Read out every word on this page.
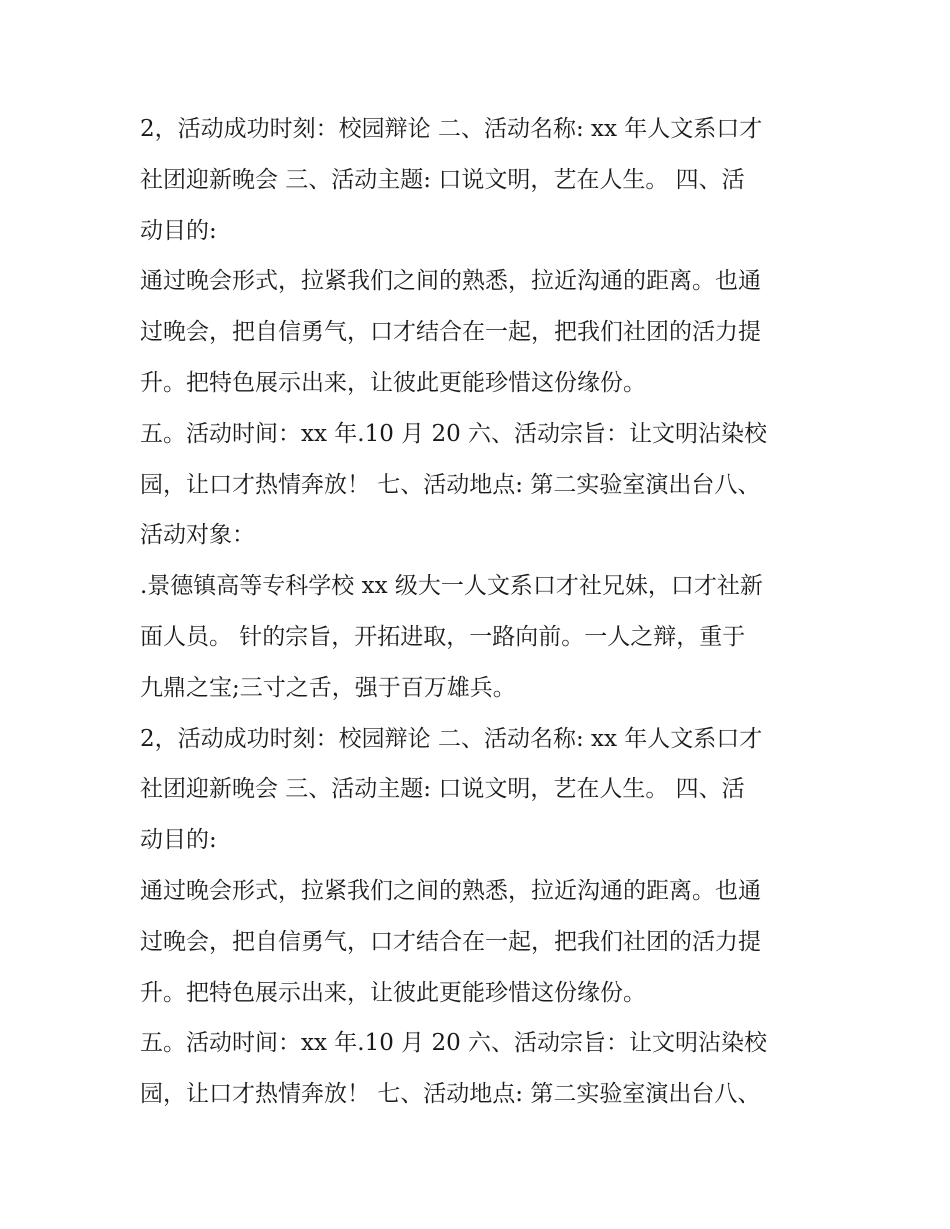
2，活动成功时刻：校园辩论 二、活动名称: xx 年人文系口才
社团迎新晚会 三、活动主题: 口说文明，艺在人生。 四、活
动目的:

通过晚会形式，拉紧我们之间的熟悉，拉近沟通的距离。也通
过晚会，把自信勇气，口才结合在一起，把我们社团的活力提
升。把特色展示出来，让彼此更能珍惜这份缘份。

五。活动时间：xx 年.10 月 20 六、活动宗旨：让文明沾染校
园，让口才热情奔放！ 七、活动地点: 第二实验室演出台八、
活动对象：

.景德镇高等专科学校 xx 级大一人文系口才社兄妹，口才社新
面人员。 针的宗旨，开拓进取，一路向前。一人之辩，重于
九鼎之宝;三寸之舌，强于百万雄兵。

2，活动成功时刻：校园辩论 二、活动名称: xx 年人文系口才
社团迎新晚会 三、活动主题: 口说文明，艺在人生。 四、活
动目的:

通过晚会形式，拉紧我们之间的熟悉，拉近沟通的距离。也通
过晚会，把自信勇气，口才结合在一起，把我们社团的活力提
升。把特色展示出来，让彼此更能珍惜这份缘份。

五。活动时间：xx 年.10 月 20 六、活动宗旨：让文明沾染校
园，让口才热情奔放！ 七、活动地点: 第二实验室演出台八、
